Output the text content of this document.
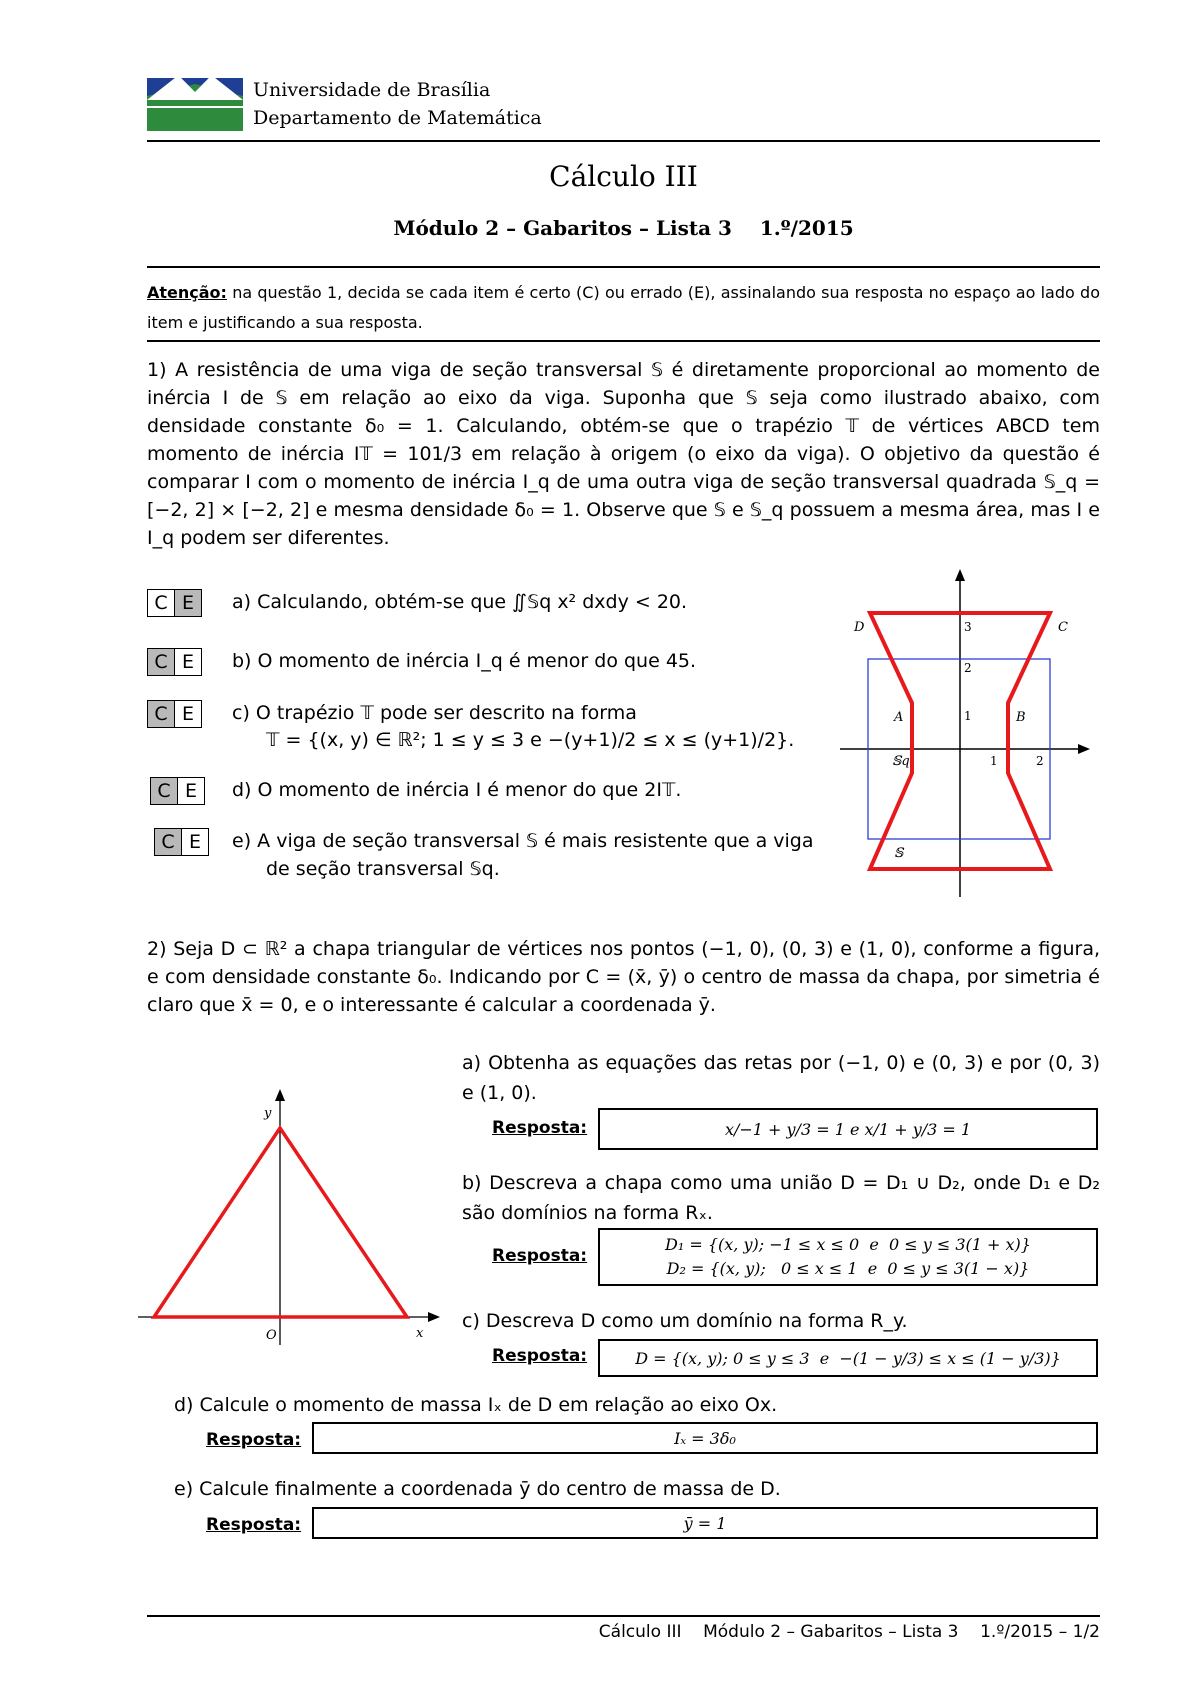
Universidade de Brasília
Departamento de Matemática
Cálculo III
Módulo 2 – Gabaritos – Lista 3    1.º/2015
Atenção: na questão 1, decida se cada item é certo (C) ou errado (E), assinalando sua resposta no espaço ao lado do item e justificando a sua resposta.
1) A resistência de uma viga de seção transversal 𝕊 é diretamente proporcional ao momento de inércia I de 𝕊 em relação ao eixo da viga. Suponha que 𝕊 seja como ilustrado abaixo, com densidade constante δ₀ = 1. Calculando, obtém-se que o trapézio 𝕋 de vértices ABCD tem momento de inércia I𝕋 = 101/3 em relação à origem (o eixo da viga). O objetivo da questão é comparar I com o momento de inércia I_q de uma outra viga de seção transversal quadrada 𝕊_q = [−2, 2] × [−2, 2] e mesma densidade δ₀ = 1. Observe que 𝕊 e 𝕊_q possuem a mesma área, mas I e I_q podem ser diferentes.
C E	a) Calculando, obtém-se que ∬𝕊q x² dxdy < 20.
C E	b) O momento de inércia I_q é menor do que 45.
C E	c) O trapézio 𝕋 pode ser descrito na forma
𝕋 = {(x, y) ∈ ℝ²; 1 ≤ y ≤ 3 e −(y+1)/2 ≤ x ≤ (y+1)/2}.
C E	d) O momento de inércia I é menor do que 2I𝕋.
C E	e) A viga de seção transversal 𝕊 é mais resistente que a viga
de seção transversal 𝕊q.
D	C
A	B
𝕊q
𝕊
3
2
1
1	2
2) Seja D ⊂ ℝ² a chapa triangular de vértices nos pontos (−1, 0), (0, 3) e (1, 0), conforme a figura, e com densidade constante δ₀. Indicando por C = (x̄, ȳ) o centro de massa da chapa, por simetria é claro que x̄ = 0, e o interessante é calcular a coordenada ȳ.
y
x
O
a) Obtenha as equações das retas por (−1, 0) e (0, 3) e por (0, 3) e (1, 0).
Resposta:	x/−1 + y/3 = 1 e x/1 + y/3 = 1
b) Descreva a chapa como uma união D = D₁ ∪ D₂, onde D₁ e D₂ são domínios na forma Rₓ.
Resposta:
D₁ = {(x, y); −1 ≤ x ≤ 0  e  0 ≤ y ≤ 3(1 + x)}
D₂ = {(x, y);   0 ≤ x ≤ 1  e  0 ≤ y ≤ 3(1 − x)}
c) Descreva D como um domínio na forma R_y.
Resposta:	D = {(x, y); 0 ≤ y ≤ 3  e  −(1 − y/3) ≤ x ≤ (1 − y/3)}
d) Calcule o momento de massa Iₓ de D em relação ao eixo Ox.
Resposta:	Iₓ = 3δ₀
e) Calcule finalmente a coordenada ȳ do centro de massa de D.
Resposta:	ȳ = 1
Cálculo III    Módulo 2 – Gabaritos – Lista 3    1.º/2015 – 1/2
